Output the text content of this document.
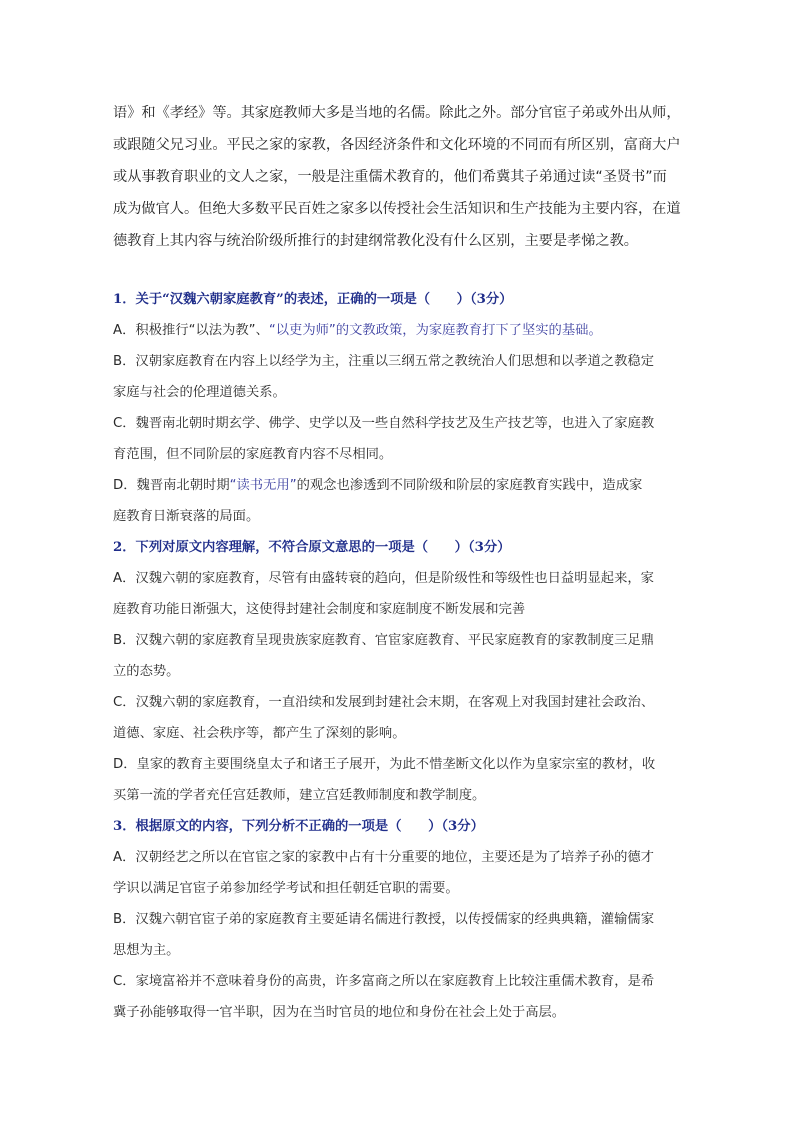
语》和《孝经》等。其家庭教师大多是当地的名儒。除此之外。部分官宦子弟或外出从师，
或跟随父兄习业。平民之家的家教，各因经济条件和文化环境的不同而有所区别，富商大户
或从事教育职业的文人之家，一般是注重儒术教育的，他们希冀其子弟通过读“圣贤书”而
成为做官人。但绝大多数平民百姓之家多以传授社会生活知识和生产技能为主要内容，在道
德教育上其内容与统治阶级所推行的封建纲常教化没有什么区别，主要是孝悌之教。
1．关于“汉魏六朝家庭教育”的表述，正确的一项是（　　）（3分）
A．积极推行“以法为教”、“以吏为师”的文教政策，为家庭教育打下了坚实的基础。
B．汉朝家庭教育在内容上以经学为主，注重以三纲五常之教统治人们思想和以孝道之教稳定
家庭与社会的伦理道德关系。
C．魏晋南北朝时期玄学、佛学、史学以及一些自然科学技艺及生产技艺等，也进入了家庭教
育范围，但不同阶层的家庭教育内容不尽相同。
D．魏晋南北朝时期“读书无用”的观念也渗透到不同阶级和阶层的家庭教育实践中，造成家
庭教育日渐衰落的局面。
2．下列对原文内容理解，不符合原文意思的一项是（　　）（3分）
A．汉魏六朝的家庭教育，尽管有由盛转衰的趋向，但是阶级性和等级性也日益明显起来，家
庭教育功能日渐强大，这使得封建社会制度和家庭制度不断发展和完善
B．汉魏六朝的家庭教育呈现贵族家庭教育、官宦家庭教育、平民家庭教育的家教制度三足鼎
立的态势。
C．汉魏六朝的家庭教育，一直沿续和发展到封建社会末期，在客观上对我国封建社会政治、
道德、家庭、社会秩序等，都产生了深刻的影响。
D．皇家的教育主要围绕皇太子和诸王子展开，为此不惜垄断文化以作为皇家宗室的教材，收
买第一流的学者充任宫廷教师，建立宫廷教师制度和教学制度。
3．根据原文的内容，下列分析不正确的一项是（　　）（3分）
A．汉朝经艺之所以在官宦之家的家教中占有十分重要的地位，主要还是为了培养子孙的德才
学识以满足官宦子弟参加经学考试和担任朝廷官职的需要。
B．汉魏六朝官宦子弟的家庭教育主要延请名儒进行教授，以传授儒家的经典典籍，灌输儒家
思想为主。
C．家境富裕并不意味着身份的高贵，许多富商之所以在家庭教育上比较注重儒术教育，是希
冀子孙能够取得一官半职，因为在当时官员的地位和身份在社会上处于高层。
